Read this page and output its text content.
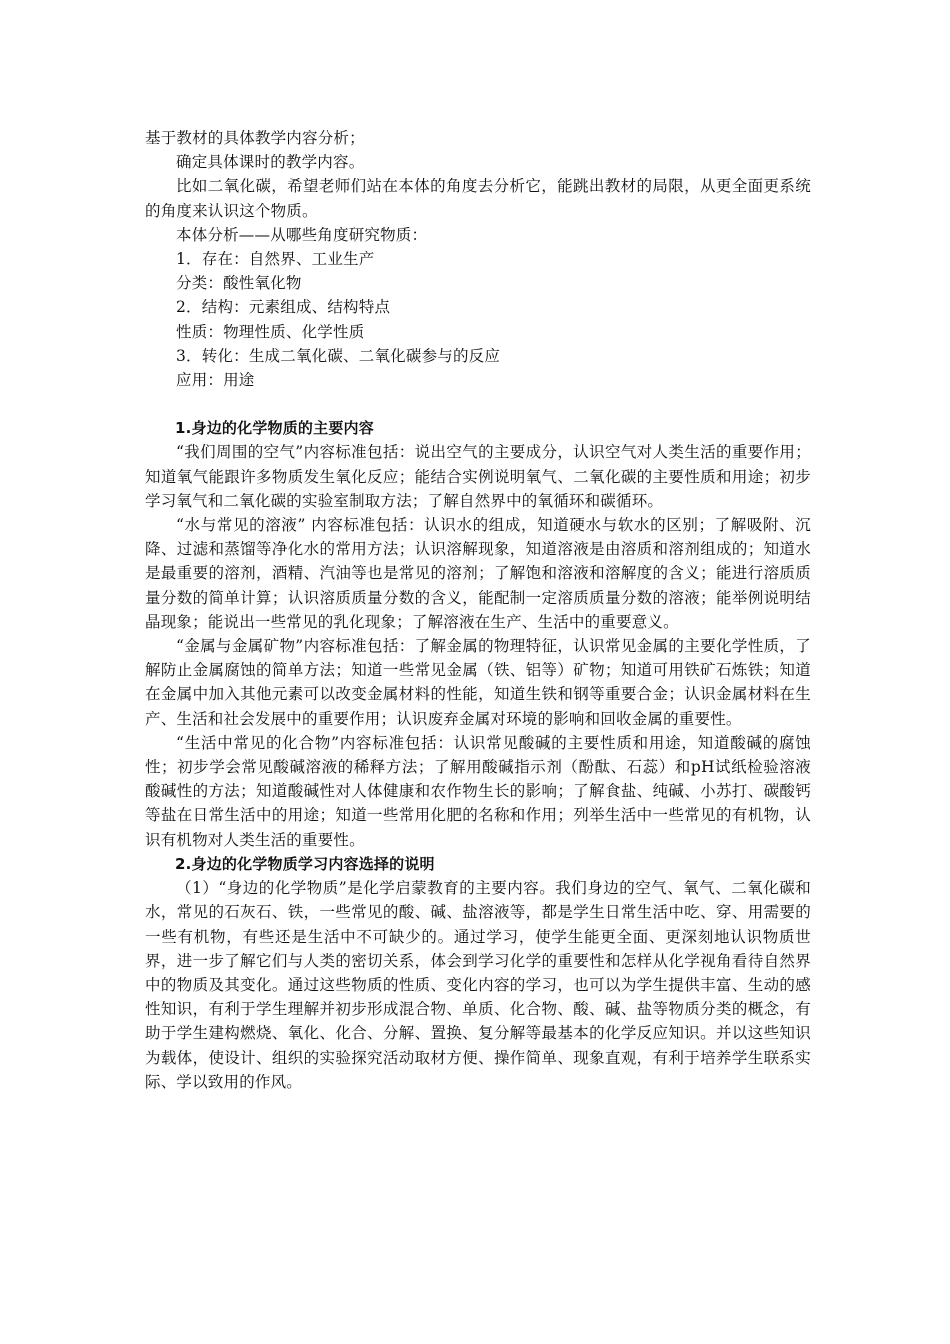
基于教材的具体教学内容分析；

确定具体课时的教学内容。

比如二氧化碳，希望老师们站在本体的角度去分析它，能跳出教材的局限，从更全面更系统的角度来认识这个物质。

本体分析——从哪些角度研究物质：

1．存在：自然界、工业生产

分类：酸性氧化物

2．结构：元素组成、结构特点

性质：物理性质、化学性质

3．转化：生成二氧化碳、二氧化碳参与的反应

应用：用途

1.身边的化学物质的主要内容

“我们周围的空气”内容标准包括：说出空气的主要成分，认识空气对人类生活的重要作用；知道氧气能跟许多物质发生氧化反应；能结合实例说明氧气、二氧化碳的主要性质和用途；初步学习氧气和二氧化碳的实验室制取方法；了解自然界中的氧循环和碳循环。

“水与常见的溶液” 内容标准包括：认识水的组成，知道硬水与软水的区别；了解吸附、沉降、过滤和蒸馏等净化水的常用方法；认识溶解现象，知道溶液是由溶质和溶剂组成的；知道水是最重要的溶剂，酒精、汽油等也是常见的溶剂；了解饱和溶液和溶解度的含义；能进行溶质质量分数的简单计算；认识溶质质量分数的含义，能配制一定溶质质量分数的溶液；能举例说明结晶现象；能说出一些常见的乳化现象；了解溶液在生产、生活中的重要意义。

“金属与金属矿物”内容标准包括：了解金属的物理特征，认识常见金属的主要化学性质，了解防止金属腐蚀的简单方法；知道一些常见金属（铁、铝等）矿物；知道可用铁矿石炼铁；知道在金属中加入其他元素可以改变金属材料的性能，知道生铁和钢等重要合金；认识金属材料在生产、生活和社会发展中的重要作用；认识废弃金属对环境的影响和回收金属的重要性。

“生活中常见的化合物”内容标准包括：认识常见酸碱的主要性质和用途，知道酸碱的腐蚀性；初步学会常见酸碱溶液的稀释方法；了解用酸碱指示剂（酚酞、石蕊）和pH试纸检验溶液酸碱性的方法；知道酸碱性对人体健康和农作物生长的影响；了解食盐、纯碱、小苏打、碳酸钙等盐在日常生活中的用途；知道一些常用化肥的名称和作用；列举生活中一些常见的有机物，认识有机物对人类生活的重要性。

2.身边的化学物质学习内容选择的说明

（1）“身边的化学物质”是化学启蒙教育的主要内容。我们身边的空气、氧气、二氧化碳和水，常见的石灰石、铁，一些常见的酸、碱、盐溶液等，都是学生日常生活中吃、穿、用需要的一些有机物，有些还是生活中不可缺少的。通过学习，使学生能更全面、更深刻地认识物质世界，进一步了解它们与人类的密切关系，体会到学习化学的重要性和怎样从化学视角看待自然界中的物质及其变化。通过这些物质的性质、变化内容的学习，也可以为学生提供丰富、生动的感性知识，有利于学生理解并初步形成混合物、单质、化合物、酸、碱、盐等物质分类的概念，有助于学生建构燃烧、氧化、化合、分解、置换、复分解等最基本的化学反应知识。并以这些知识为载体，使设计、组织的实验探究活动取材方便、操作简单、现象直观，有利于培养学生联系实际、学以致用的作风。
